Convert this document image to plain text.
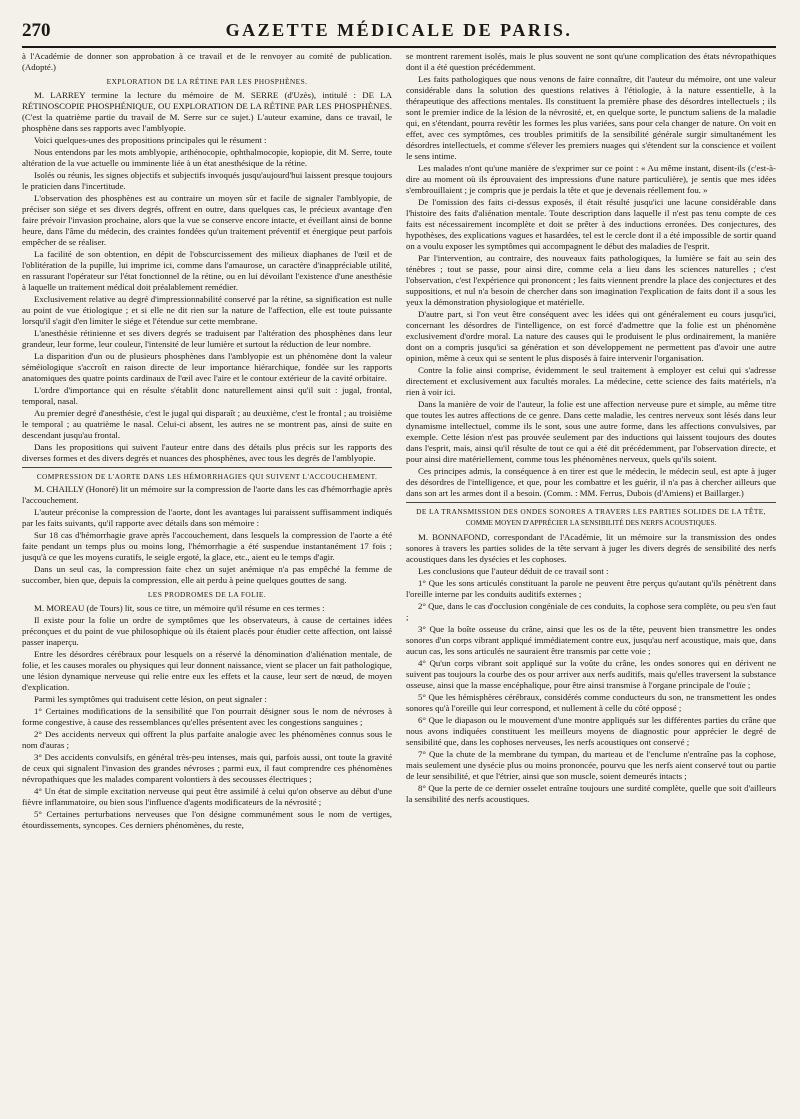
270	GAZETTE MÉDICALE DE PARIS.

à l'Académie de donner son approbation à ce travail et de le renvoyer au comité de publication. (Adopté.)

EXPLORATION DE LA RÉTINE PAR LES PHOSPHÈNES.

M. LARREY termine la lecture du mémoire de M. SERRE (d'Uzès), intitulé : DE LA RÉTINOSCOPIE PHOSPHÉNIQUE, OU EXPLORATION DE LA RÉTINE PAR LES PHOSPHÈNES. (C'est la quatrième partie du travail de M. Serre sur ce sujet.) L'auteur examine, dans ce travail, le phosphène dans ses rapports avec l'amblyopie.

Voici quelques-unes des propositions principales qui le résument :

Nous entendons par les mots amblyopie, arthénocopie, ophthalmocopie, kopiopie, dit M. Serre, toute altération de la vue actuelle ou imminente liée à un état anesthésique de la rétine.

Isolés ou réunis, les signes objectifs et subjectifs invoqués jusqu'aujourd'hui laissent presque toujours le praticien dans l'incertitude.

L'observation des phosphènes est au contraire un moyen sûr et facile de signaler l'amblyopie, de préciser son siége et ses divers degrés, offrent en outre, dans quelques cas, le précieux avantage d'en faire prévoir l'invasion prochaine, alors que la vue se conserve encore intacte, et éveillant ainsi de bonne heure, dans l'âme du médecin, des craintes fondées qu'un traitement préventif et énergique peut parfois empêcher de se réaliser.

La facilité de son obtention, en dépit de l'obscurcissement des milieux diaphanes de l'œil et de l'oblitération de la pupille, lui imprime ici, comme dans l'amaurose, un caractère d'inappréciable utilité, en rassurant l'opérateur sur l'état fonctionnel de la rétine, ou en lui dévoilant l'existence d'une anesthésie à laquelle un traitement médical doit préalablement remédier.

Exclusivement relative au degré d'impressionnabilité conservé par la rétine, sa signification est nulle au point de vue étiologique ; et si elle ne dit rien sur la nature de l'affection, elle est toute puissante lorsqu'il s'agit d'en limiter le siége et l'étendue sur cette membrane.

L'anesthésie rétinienne et ses divers degrés se traduisent par l'altération des phosphènes dans leur grandeur, leur forme, leur couleur, l'intensité de leur lumière et surtout la réduction de leur nombre.

La disparition d'un ou de plusieurs phosphènes dans l'amblyopie est un phénomène dont la valeur séméiologique s'accroît en raison directe de leur importance hiérarchique, fondée sur les rapports anatomiques des quatre points cardinaux de l'œil avec l'aire et le contour extérieur de la cavité orbitaire.

L'ordre d'importance qui en résulte s'établit donc naturellement ainsi qu'il suit : jugal, frontal, temporal, nasal.

Au premier degré d'anesthésie, c'est le jugal qui disparaît ; au deuxième, c'est le frontal ; au troisième le temporal ; au quatrième le nasal. Celui-ci absent, les autres ne se montrent pas, ainsi de suite en descendant jusqu'au frontal.

Dans les propositions qui suivent l'auteur entre dans des détails plus précis sur les rapports des diverses formes et des divers degrés et nuances des phosphènes, avec tous les degrés de l'amblyopie.

COMPRESSION DE L'AORTE DANS LES HÉMORRHAGIES QUI SUIVENT L'ACCOUCHEMENT.

M. CHAILLY (Honoré) lit un mémoire sur la compression de l'aorte dans les cas d'hémorrhagie après l'accouchement.

L'auteur préconise la compression de l'aorte, dont les avantages lui paraissent suffisamment indiqués par les faits suivants, qu'il rapporte avec détails dans son mémoire :

Sur 18 cas d'hémorrhagie grave après l'accouchement, dans lesquels la compression de l'aorte a été faite pendant un temps plus ou moins long, l'hémorrhagie a été suspendue instantanément 17 fois ; jusqu'à ce que les moyens curatifs, le seigle ergoté, la glace, etc., aient eu le temps d'agir.

Dans un seul cas, la compression faite chez un sujet anémique n'a pas empêché la femme de succomber, bien que, depuis la compression, elle ait perdu à peine quelques gouttes de sang.

LES PRODROMES DE LA FOLIE.

M. MOREAU (de Tours) lit, sous ce titre, un mémoire qu'il résume en ces termes :

Il existe pour la folie un ordre de symptômes que les observateurs, à cause de certaines idées préconçues et du point de vue philosophique où ils étaient placés pour étudier cette affection, ont laissé passer inaperçu.

Entre les désordres cérébraux pour lesquels on a réservé la dénomination d'aliénation mentale, de folie, et les causes morales ou physiques qui leur donnent naissance, vient se placer un fait pathologique, une lésion dynamique nerveuse qui relie entre eux les effets et la cause, leur sert de nœud, de moyen d'explication.

Parmi les symptômes qui traduisent cette lésion, on peut signaler :

1° Certaines modifications de la sensibilité que l'on pourrait désigner sous le nom de névroses à forme congestive, à cause des ressemblances qu'elles présentent avec les congestions sanguines ;

2° Des accidents nerveux qui offrent la plus parfaite analogie avec les phénomènes connus sous le nom d'auras ;

3° Des accidents convulsifs, en général très-peu intenses, mais qui, parfois aussi, ont toute la gravité de ceux qui signalent l'invasion des grandes névroses ; parmi eux, il faut comprendre ces phénomènes névropathiques que les malades comparent volontiers à des secousses électriques ;

4° Un état de simple excitation nerveuse qui peut être assimilé à celui qu'on observe au début d'une fièvre inflammatoire, ou bien sous l'influence d'agents modificateurs de la névrosité ;

5° Certaines perturbations nerveuses que l'on désigne communément sous le nom de vertiges, étourdissements, syncopes. Ces derniers phénomènes, du reste,

se montrent rarement isolés, mais le plus souvent ne sont qu'une complication des états névropathiques dont il a été question précédemment.

Les faits pathologiques que nous venons de faire connaître, dit l'auteur du mémoire, ont une valeur considérable dans la solution des questions relatives à l'étiologie, à la nature essentielle, à la thérapeutique des affections mentales. Ils constituent la première phase des désordres intellectuels ; ils sont le premier indice de la lésion de la névrosité, et, en quelque sorte, le punctum saliens de la maladie qui, en s'étendant, pourra revêtir les formes les plus variées, sans pour cela changer de nature. On voit en effet, avec ces symptômes, ces troubles primitifs de la sensibilité générale surgir simultanément les désordres intellectuels, et comme s'élever les premiers nuages qui s'étendent sur la conscience et voilent le sens intime.

Les malades n'ont qu'une manière de s'exprimer sur ce point : « Au même instant, disent-ils (c'est-à-dire au moment où ils éprouvaient des impressions d'une nature particulière), je sentis que mes idées s'embrouillaient ; je compris que je perdais la tête et que je devenais réellement fou. »

De l'omission des faits ci-dessus exposés, il était résulté jusqu'ici une lacune considérable dans l'histoire des faits d'aliénation mentale. Toute description dans laquelle il n'est pas tenu compte de ces faits est nécessairement incomplète et doit se prêter à des inductions erronées. Des conjectures, des hypothèses, des explications vagues et hasardées, tel est le cercle dont il a été impossible de sortir quand on a voulu exposer les symptômes qui accompagnent le début des maladies de l'esprit.

Par l'intervention, au contraire, des nouveaux faits pathologiques, la lumière se fait au sein des ténèbres ; tout se passe, pour ainsi dire, comme cela a lieu dans les sciences naturelles ; c'est l'observation, c'est l'expérience qui prononcent ; les faits viennent prendre la place des conjectures et des suppositions, et nul n'a besoin de chercher dans son imagination l'explication de faits dont il a sous les yeux la démonstration physiologique et matérielle.

D'autre part, si l'on veut être conséquent avec les idées qui ont généralement eu cours jusqu'ici, concernant les désordres de l'intelligence, on est forcé d'admettre que la folie est un phénomène exclusivement d'ordre moral. La nature des causes qui le produisent le plus ordinairement, la manière dont on a compris jusqu'ici sa génération et son développement ne permettent pas d'avoir une autre opinion, même à ceux qui se sentent le plus disposés à faire intervenir l'organisation.

Contre la folie ainsi comprise, évidemment le seul traitement à employer est celui qui s'adresse directement et exclusivement aux facultés morales. La médecine, cette science des faits matériels, n'a rien à voir ici.

Dans la manière de voir de l'auteur, la folie est une affection nerveuse pure et simple, au même titre que toutes les autres affections de ce genre. Dans cette maladie, les centres nerveux sont lésés dans leur dynamisme intellectuel, comme ils le sont, sous une autre forme, dans les affections convulsives, par exemple. Cette lésion n'est pas prouvée seulement par des inductions qui laissent toujours des doutes dans l'esprit, mais, ainsi qu'il résulte de tout ce qui a été dit précédemment, par l'observation directe, et pour ainsi dire matériellement, comme tous les phénomènes nerveux, quels qu'ils soient.

Ces principes admis, la conséquence à en tirer est que le médecin, le médecin seul, est apte à juger des désordres de l'intelligence, et que, pour les combattre et les guérir, il n'a pas à chercher ailleurs que dans son art les armes dont il a besoin. (Comm. : MM. Ferrus, Dubois (d'Amiens) et Baillarger.)

DE LA TRANSMISSION DES ONDES SONORES A TRAVERS LES PARTIES SOLIDES DE LA TÊTE,
COMME MOYEN D'APPRÉCIER LA SENSIBILITÉ DES NERFS ACOUSTIQUES.

M. BONNAFOND, correspondant de l'Académie, lit un mémoire sur la transmission des ondes sonores à travers les parties solides de la tête servant à juger les divers degrés de sensibilité des nerfs acoustiques dans les dysécies et les cophoses.

Les conclusions que l'auteur déduit de ce travail sont :

1° Que les sons articulés constituant la parole ne peuvent être perçus qu'autant qu'ils pénètrent dans l'oreille interne par les conduits auditifs externes ;

2° Que, dans le cas d'occlusion congéniale de ces conduits, la cophose sera complète, ou peu s'en faut ;

3° Que la boîte osseuse du crâne, ainsi que les os de la tête, peuvent bien transmettre les ondes sonores d'un corps vibrant appliqué immédiatement contre eux, jusqu'au nerf acoustique, mais que, dans aucun cas, les sons articulés ne sauraient être transmis par cette voie ;

4° Qu'un corps vibrant soit appliqué sur la voûte du crâne, les ondes sonores qui en dérivent ne suivent pas toujours la courbe des os pour arriver aux nerfs auditifs, mais qu'elles traversent la substance osseuse, ainsi que la masse encéphalique, pour être ainsi transmise à l'organe principale de l'ouïe ;

5° Que les hémisphères cérébraux, considérés comme conducteurs du son, ne transmettent les ondes sonores qu'à l'oreille qui leur correspond, et nullement à celle du côté opposé ;

6° Que le diapason ou le mouvement d'une montre appliqués sur les différentes parties du crâne que nous avons indiquées constituent les meilleurs moyens de diagnostic pour apprécier le degré de sensibilité que, dans les cophoses nerveuses, les nerfs acoustiques ont conservé ;

7° Que la chute de la membrane du tympan, du marteau et de l'enclume n'entraîne pas la cophose, mais seulement une dysécie plus ou moins prononcée, pourvu que les nerfs aient conservé tout ou partie de leur sensibilité, et que l'étrier, ainsi que son muscle, soient demeurés intacts ;

8° Que la perte de ce dernier osselet entraîne toujours une surdité complète, quelle que soit d'ailleurs la sensibilité des nerfs acoustiques.
